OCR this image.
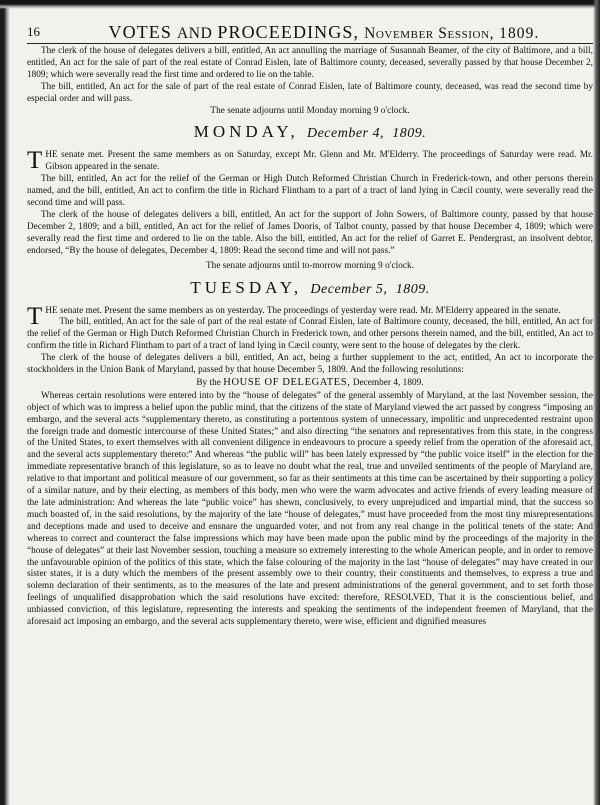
16	VOTES AND PROCEEDINGS, November Session, 1809.

The clerk of the house of delegates delivers a bill, entitled, An act annulling the marriage of Susannah Beamer, of the city of Baltimore, and a bill, entitled, An act for the sale of part of the real estate of Conrad Eislen, late of Baltimore county, deceased, severally passed by that house December 2, 1809; which were severally read the first time and ordered to lie on the table.

The bill, entitled, An act for the sale of part of the real estate of Conrad Eislen, late of Baltimore county, deceased, was read the second time by especial order and will pass.

The senate adjourns until Monday morning 9 o'clock.

MONDAY, December 4, 1809.

THE senate met. Present the same members as on Saturday, except Mr. Glenn and Mr. M'Elderry. The proceedings of Saturday were read. Mr. Gibson appeared in the senate.

The bill, entitled, An act for the relief of the German or High Dutch Reformed Christian Church in Frederick-town, and other persons therein named, and the bill, entitled, An act to confirm the title in Richard Flintham to a part of a tract of land lying in Cæcil county, were severally read the second time and will pass.

The clerk of the house of delegates delivers a bill, entitled, An act for the support of John Sowers, of Baltimore county, passed by that house December 2, 1809; and a bill, entitled, An act for the relief of James Dooris, of Talbot county, passed by that house December 4, 1809; which were severally read the first time and ordered to lie on the table. Also the bill, entitled, An act for the relief of Garret E. Pendergrast, an insolvent debtor, endorsed, “By the house of delegates, December 4, 1809: Read the second time and will not pass.”

The senate adjourns until to-morrow morning 9 o'clock.

TUESDAY, December 5, 1809.

THE senate met. Present the same members as on yesterday. The proceedings of yesterday were read. Mr. M'Elderry appeared in the senate.

The bill, entitled, An act for the sale of part of the real estate of Conrad Eislen, late of Baltimore county, deceased, the bill, entitled, An act for the relief of the German or High Dutch Reformed Christian Church in Frederick town, and other persons therein named, and the bill, entitled, An act to confirm the title in Richard Flintham to part of a tract of land lying in Cæcil county, were sent to the house of delegates by the clerk.

The clerk of the house of delegates delivers a bill, entitled, An act, being a further supplement to the act, entitled, An act to incorporate the stockholders in the Union Bank of Maryland, passed by that house December 5, 1809. And the following resolutions:

By the HOUSE OF DELEGATES, December 4, 1809.

Whereas certain resolutions were entered into by the “house of delegates” of the general assembly of Maryland, at the last November session, the object of which was to impress a belief upon the public mind, that the citizens of the state of Maryland viewed the act passed by congress “imposing an embargo, and the several acts “supplementary thereto, as constituting a portentous system of unnecessary, impolitic and unprecedented restraint upon the foreign trade and domestic intercourse of these United States;” and also directing “the senators and representatives from this state, in the congress of the United States, to exert themselves with all convenient diligence in endeavours to procure a speedy relief from the operation of the aforesaid act, and the several acts supplementary thereto:” And whereas “the public will” has been lately expressed by “the public voice itself” in the election for the immediate representative branch of this legislature, so as to leave no doubt what the real, true and unveiled sentiments of the people of Maryland are, relative to that important and political measure of our government, so far as their sentiments at this time can be ascertained by their supporting a policy of a similar nature, and by their electing, as members of this body, men who were the warm advocates and active friends of every leading measure of the late administration: And whereas the late “public voice” has shewn, conclusively, to every unprejudiced and impartial mind, that the success so much boasted of, in the said resolutions, by the majority of the late “house of delegates,” must have proceeded from the most tiny misrepresentations and deceptions made and used to deceive and ensnare the unguarded voter, and not from any real change in the political tenets of the state: And whereas to correct and counteract the false impressions which may have been made upon the public mind by the proceedings of the majority in the “house of delegates” at their last November session, touching a measure so extremely interesting to the whole American people, and in order to remove the unfavourable opinion of the politics of this state, which the false colouring of the majority in the last “house of delegates” may have created in our sister states, it is a duty which the members of the present assembly owe to their country, their constituents and themselves, to express a true and solemn declaration of their sentiments, as to the measures of the late and present administrations of the general government, and to set forth those feelings of unqualified disapprobation which the said resolutions have excited: therefore, RESOLVED, That it is the conscientious belief, and unbiassed conviction, of this legislature, representing the interests and speaking the sentiments of the independent freemen of Maryland, that the aforesaid act imposing an embargo, and the several acts supplementary thereto, were wise, efficient and dignified measures
